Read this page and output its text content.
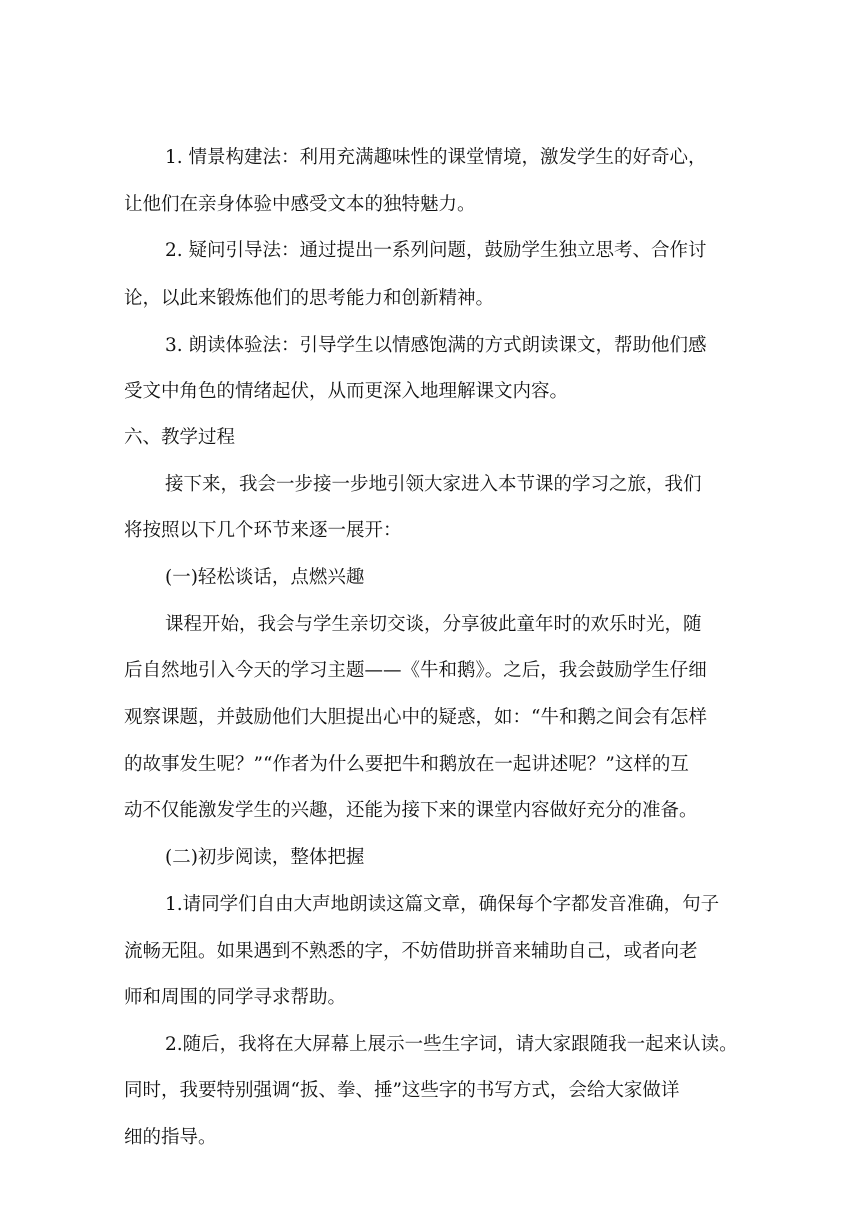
1. 情景构建法：利用充满趣味性的课堂情境，激发学生的好奇心，
让他们在亲身体验中感受文本的独特魅力。
2. 疑问引导法：通过提出一系列问题，鼓励学生独立思考、合作讨
论，以此来锻炼他们的思考能力和创新精神。
3. 朗读体验法：引导学生以情感饱满的方式朗读课文，帮助他们感
受文中角色的情绪起伏，从而更深入地理解课文内容。
六、教学过程
接下来，我会一步接一步地引领大家进入本节课的学习之旅，我们
将按照以下几个环节来逐一展开：
(一)轻松谈话，点燃兴趣
课程开始，我会与学生亲切交谈，分享彼此童年时的欢乐时光，随
后自然地引入今天的学习主题——《牛和鹅》。之后，我会鼓励学生仔细
观察课题，并鼓励他们大胆提出心中的疑惑，如：“牛和鹅之间会有怎样
的故事发生呢？”“作者为什么要把牛和鹅放在一起讲述呢？”这样的互
动不仅能激发学生的兴趣，还能为接下来的课堂内容做好充分的准备。
(二)初步阅读，整体把握
1.请同学们自由大声地朗读这篇文章，确保每个字都发音准确，句子
流畅无阻。如果遇到不熟悉的字，不妨借助拼音来辅助自己，或者向老
师和周围的同学寻求帮助。
2.随后，我将在大屏幕上展示一些生字词，请大家跟随我一起来认读。
同时，我要特别强调“扳、拳、捶”这些字的书写方式，会给大家做详
细的指导。
